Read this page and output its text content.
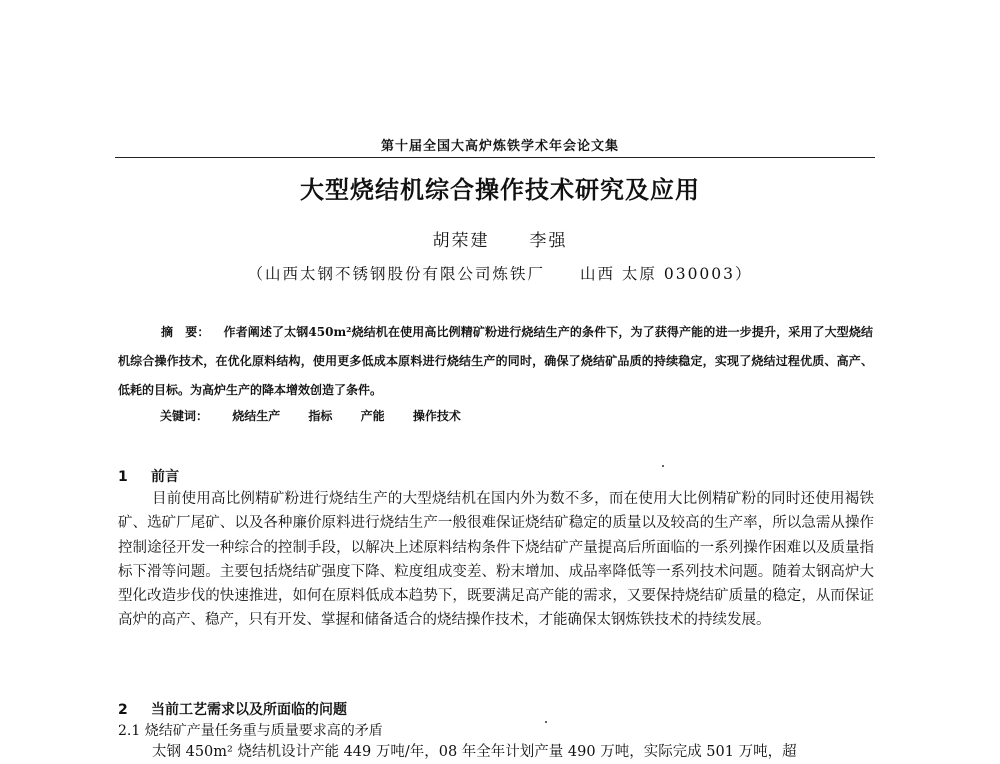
第十届全国大高炉炼铁学术年会论文集
大型烧结机综合操作技术研究及应用
胡荣建 李强
（山西太钢不锈钢股份有限公司炼铁厂　　山西 太原 030003）
摘　要： 作者阐述了太钢450m²烧结机在使用高比例精矿粉进行烧结生产的条件下，为了获得产能的进一步提升，采用了大型烧结机综合操作技术，在优化原料结构，使用更多低成本原料进行烧结生产的同时，确保了烧结矿品质的持续稳定，实现了烧结过程优质、高产、低耗的目标。为高炉生产的降本增效创造了条件。
关键词： 烧结生产 指标 产能 操作技术
1 前言
目前使用高比例精矿粉进行烧结生产的大型烧结机在国内外为数不多，而在使用大比例精矿粉的同时还使用褐铁矿、选矿厂尾矿、以及各种廉价原料进行烧结生产一般很难保证烧结矿稳定的质量以及较高的生产率，所以急需从操作控制途径开发一种综合的控制手段，以解决上述原料结构条件下烧结矿产量提高后所面临的一系列操作困难以及质量指标下滑等问题。主要包括烧结矿强度下降、粒度组成变差、粉末增加、成品率降低等一系列技术问题。随着太钢高炉大型化改造步伐的快速推进，如何在原料低成本趋势下，既要满足高产能的需求，又要保持烧结矿质量的稳定，从而保证高炉的高产、稳产，只有开发、掌握和储备适合的烧结操作技术，才能确保太钢炼铁技术的持续发展。
2 当前工艺需求以及所面临的问题
2.1 烧结矿产量任务重与质量要求高的矛盾
太钢 450m² 烧结机设计产能 449 万吨/年，08 年全年计划产量 490 万吨，实际完成 501 万吨，超
